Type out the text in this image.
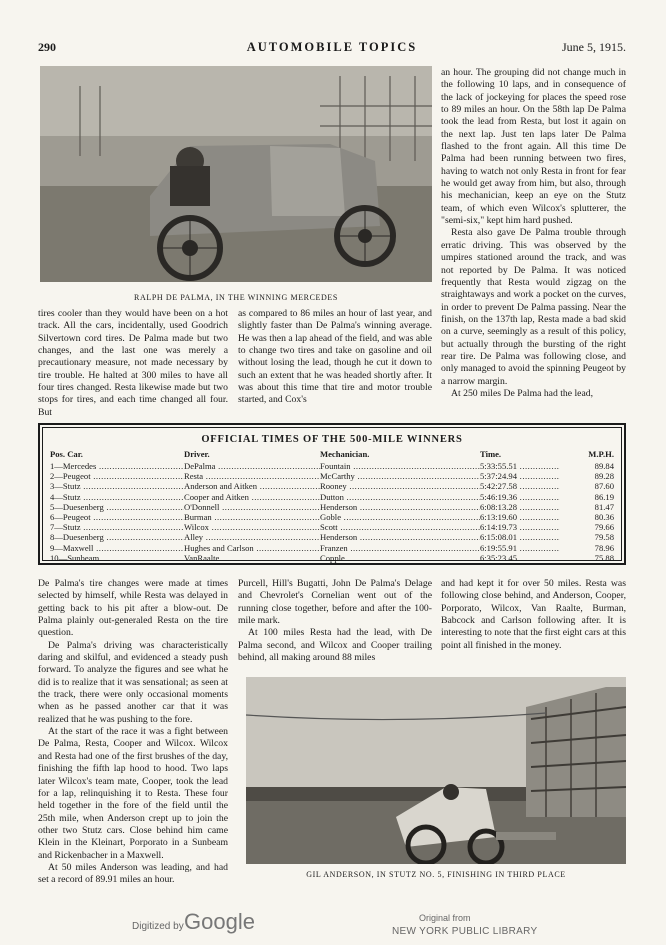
290	AUTOMOBILE TOPICS	June 5, 1915.
RALPH DE PALMA, IN THE WINNING MERCEDES

an hour. The grouping did not change much in the following 10 laps, and in consequence of the lack of jockeying for places the speed rose to 89 miles an hour. On the 58th lap De Palma took the lead from Resta, but lost it again on the next lap. Just ten laps later De Palma flashed to the front again. All this time De Palma had been running between two fires, having to watch not only Resta in front for fear he would get away from him, but also, through his mechanician, keep an eye on the Stutz team, of which even Wilcox's splutterer, the "semi-six," kept him hard pushed.

Resta also gave De Palma trouble through erratic driving. This was observed by the umpires stationed around the track, and was not reported by De Palma. It was noticed frequently that Resta would zigzag on the straightaways and work a pocket on the curves, in order to prevent De Palma passing. Near the finish, on the 137th lap, Resta made a bad skid on a curve, seemingly as a result of this policy, but actually through the bursting of the right rear tire. De Palma was following close, and only managed to avoid the spinning Peugeot by a narrow margin.

At 250 miles De Palma had the lead,

tires cooler than they would have been on a hot track. All the cars, incidentally, used Goodrich Silvertown cord tires. De Palma made but two changes, and the last one was merely a precautionary measure, not made necessary by tire trouble. He halted at 300 miles to have all four tires changed. Resta likewise made but two stops for tires, and each time changed all four. But

as compared to 86 miles an hour of last year, and slightly faster than De Palma's winning average. He was then a lap ahead of the field, and was able to change two tires and take on gasoline and oil without losing the lead, though he cut it down to such an extent that he was headed shortly after. It was about this time that tire and motor trouble started, and Cox's

OFFICIAL TIMES OF THE 500-MILE WINNERS
Pos. Car.	Driver.	Mechanician.	Time.	M.P.H.
1—Mercedes .....	DePalma .....	Fountain .....	5:33:55.51 .....	89.84
2—Peugeot .....	Resta .....	McCarthy .....	5:37:24.94 .....	89.28
3—Stutz .....	Anderson and Aitken .....	Rooney .....	5:42:27.58 .....	87.60
4—Stutz .....	Cooper and Aitken .....	Dutton .....	5:46:19.36 .....	86.19
5—Duesenberg .....	O'Donnell .....	Henderson .....	6:08:13.28 .....	81.47
6—Peugeot .....	Burman .....	Goble .....	6:13:19.60 .....	80.36
7—Stutz .....	Wilcox .....	Scott .....	6:14:19.73 .....	79.66
8—Duesenberg .....	Alley .....	Henderson .....	6:15:08.01 .....	79.58
9—Maxwell .....	Hughes and Carlson .....	Franzen .....	6:19:55.91 .....	78.96
10—Sunbeam .....	VanRaalte .....	Copple .....	6:35:23.45 .....	75.88

De Palma's tire changes were made at times selected by himself, while Resta was delayed in getting back to his pit after a blow-out. De Palma plainly out-generaled Resta on the tire question.

De Palma's driving was characteristically daring and skilful, and evidenced a steady push forward. To analyze the figures and see what he did is to realize that it was sensational; as seen at the track, there were only occasional moments when as he passed another car that it was realized that he was pushing to the fore.

At the start of the race it was a fight between De Palma, Resta, Cooper and Wilcox. Wilcox and Resta had one of the first brushes of the day, finishing the fifth lap hood to hood. Two laps later Wilcox's team mate, Cooper, took the lead for a lap, relinquishing it to Resta. These four held together in the fore of the field until the 25th mile, when Anderson crept up to join the other two Stutz cars. Close behind him came Klein in the Kleinart, Porporato in a Sunbeam and Rickenbacher in a Maxwell.

At 50 miles Anderson was leading, and had set a record of 89.91 miles an hour.

Purcell, Hill's Bugatti, John De Palma's Delage and Chevrolet's Cornelian went out of the running close together, before and after the 100-mile mark.

At 100 miles Resta had the lead, with De Palma second, and Wilcox and Cooper trailing behind, all making around 88 miles

and had kept it for over 50 miles. Resta was following close behind, and Anderson, Cooper, Porporato, Wilcox, Van Raalte, Burman, Babcock and Carlson following after. It is interesting to note that the first eight cars at this point all finished in the money.

GIL ANDERSON, IN STUTZ NO. 5, FINISHING IN THIRD PLACE
Digitized by Google	Original from
NEW YORK PUBLIC LIBRARY
